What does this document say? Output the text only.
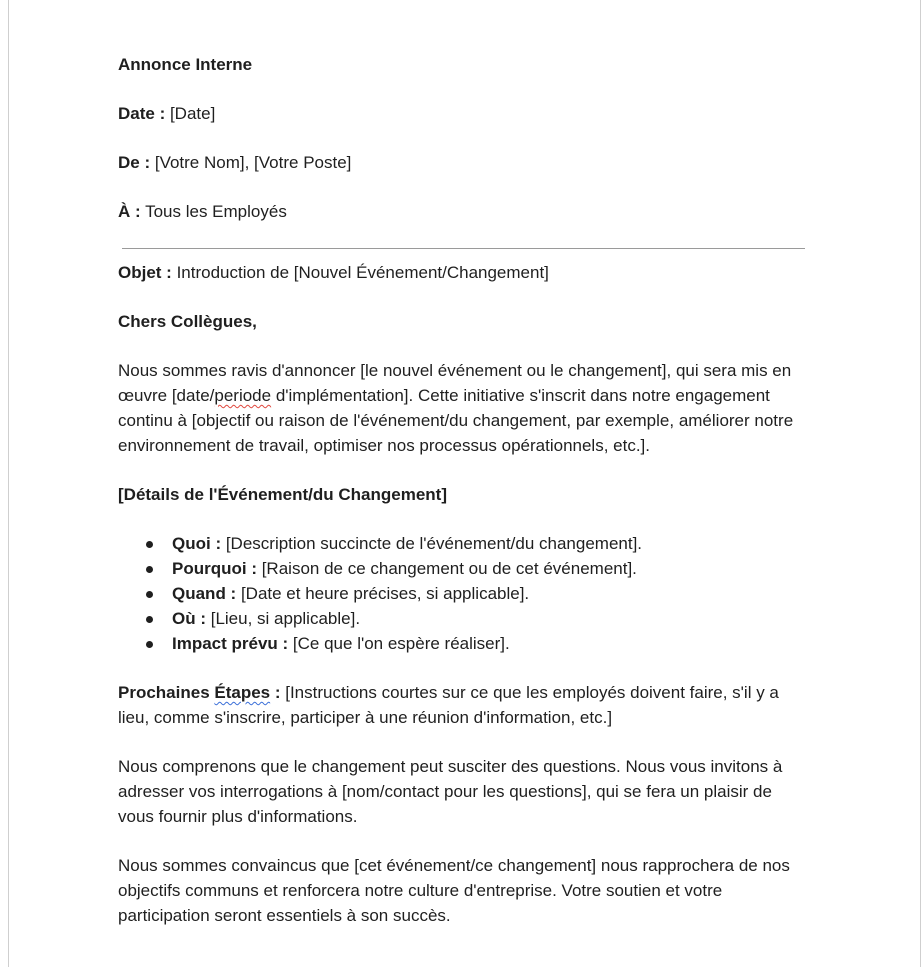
Annonce Interne

Date : [Date]

De : [Votre Nom], [Votre Poste]

À : Tous les Employés

Objet : Introduction de [Nouvel Événement/Changement]

Chers Collègues,

Nous sommes ravis d'annoncer [le nouvel événement ou le changement], qui sera mis en œuvre [date/periode d'implémentation]. Cette initiative s'inscrit dans notre engagement continu à [objectif ou raison de l'événement/du changement, par exemple, améliorer notre environnement de travail, optimiser nos processus opérationnels, etc.].

[Détails de l'Événement/du Changement]

Quoi : [Description succincte de l'événement/du changement].
Pourquoi : [Raison de ce changement ou de cet événement].
Quand : [Date et heure précises, si applicable].
Où : [Lieu, si applicable].
Impact prévu : [Ce que l'on espère réaliser].

Prochaines Étapes : [Instructions courtes sur ce que les employés doivent faire, s'il y a lieu, comme s'inscrire, participer à une réunion d'information, etc.]

Nous comprenons que le changement peut susciter des questions. Nous vous invitons à adresser vos interrogations à [nom/contact pour les questions], qui se fera un plaisir de vous fournir plus d'informations.

Nous sommes convaincus que [cet événement/ce changement] nous rapprochera de nos objectifs communs et renforcera notre culture d'entreprise. Votre soutien et votre participation seront essentiels à son succès.
